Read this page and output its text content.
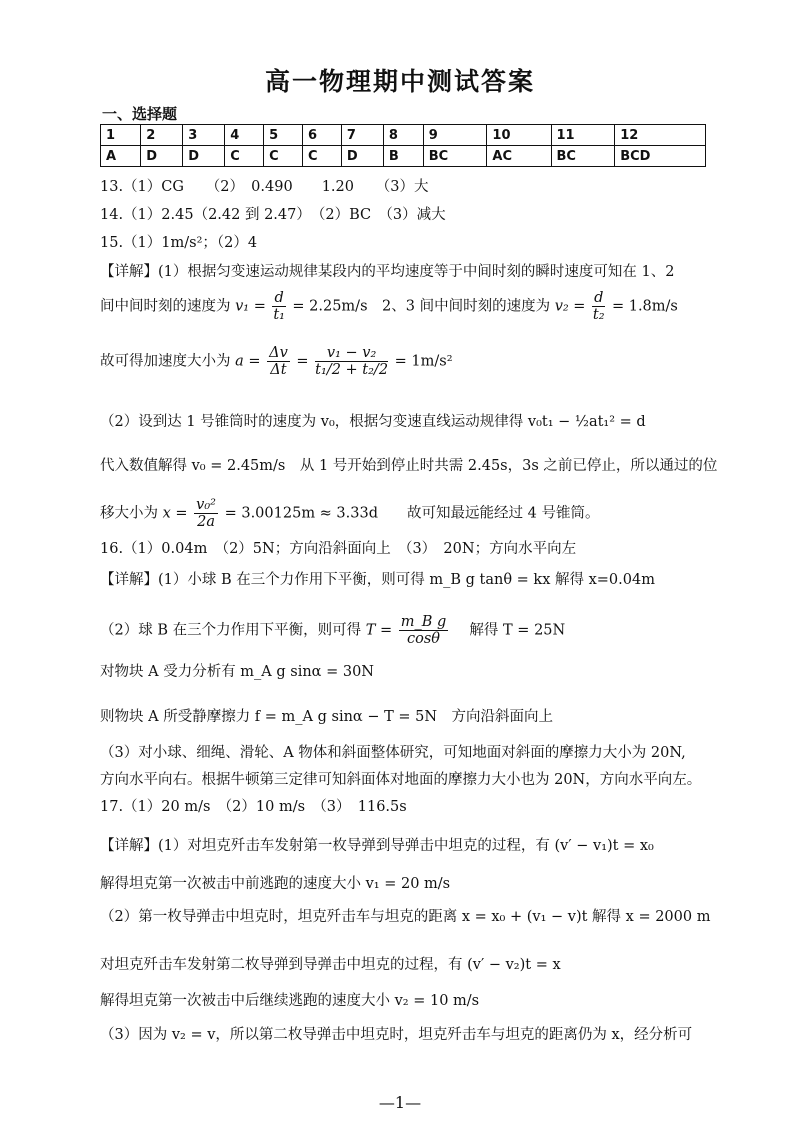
高一物理期中测试答案
一、选择题
1	2	3	4	5	6	7	8	9	10	11	12
A	D	D	C	C	C	D	B	BC	AC	BC	BCD
13.（1）CG　　（2）　0.490　　1.20　　（3）大
14.（1）2.45（2.42 到 2.47）　（2）BC　（3）减大
15.（1）1m/s²；（2）4
【详解】(1）根据匀变速运动规律某段内的平均速度等于中间时刻的瞬时速度可知在 1、2
间中间时刻的速度为 $v_1 = \frac{d}{\text{t₁}} = 2.25m/s$　2、3 间中间时刻的速度为 $v_2 = \frac{d}{\text{t₂}} = 1.8m/s$
故可得加速度大小为 $a = \frac{\Delta v}{\Delta t} = \frac{\text{v₁ − v₂}}{\text{t₁/2 + t₂/2}} = 1m/s^2$
（2）设到达 1 号锥筒时的速度为 v₀，根据匀变速直线运动规律得 v₀t₁ − ½at₁² = d
代入数值解得 v₀ = 2.45m/s　从 1 号开始到停止时共需 2.45s，3s 之前已停止，所以通过的位
移大小为 $x = \frac{\text{v₀²}}{2a} = 3.00125m \approx 3.33d$　　故可知最远能经过 4 号锥筒。
16.（1）0.04m　（2）5N；方向沿斜面向上　（3）　20N；方向水平向左
【详解】(1）小球 B 在三个力作用下平衡，则可得 m_B g tanθ = kx 解得 x=0.04m
（2）球 B 在三个力作用下平衡，则可得 $T = \frac{\text{m\_B g}}{\cos\theta}$ 　解得 T = 25N
对物块 A 受力分析有 m_A g sinα = 30N
则物块 A 所受静摩擦力 f = m_A g sinα − T = 5N　方向沿斜面向上
（3）对小球、细绳、滑轮、A 物体和斜面整体研究，可知地面对斜面的摩擦力大小为 20N,
方向水平向右。根据牛顿第三定律可知斜面体对地面的摩擦力大小也为 20N，方向水平向左。
17.（1）20 m/s　（2）10 m/s　（3）　116.5s
【详解】(1）对坦克歼击车发射第一枚导弹到导弹击中坦克的过程，有 (v′ − v₁)t = x₀
解得坦克第一次被击中前逃跑的速度大小 v₁ = 20 m/s
（2）第一枚导弹击中坦克时，坦克歼击车与坦克的距离 x = x₀ + (v₁ − v)t 解得 x = 2000 m
对坦克歼击车发射第二枚导弹到导弹击中坦克的过程，有 (v′ − v₂)t = x
解得坦克第一次被击中后继续逃跑的速度大小 v₂ = 10 m/s
（3）因为 v₂ = v，所以第二枚导弹击中坦克时，坦克歼击车与坦克的距离仍为 x，经分析可
—1—
